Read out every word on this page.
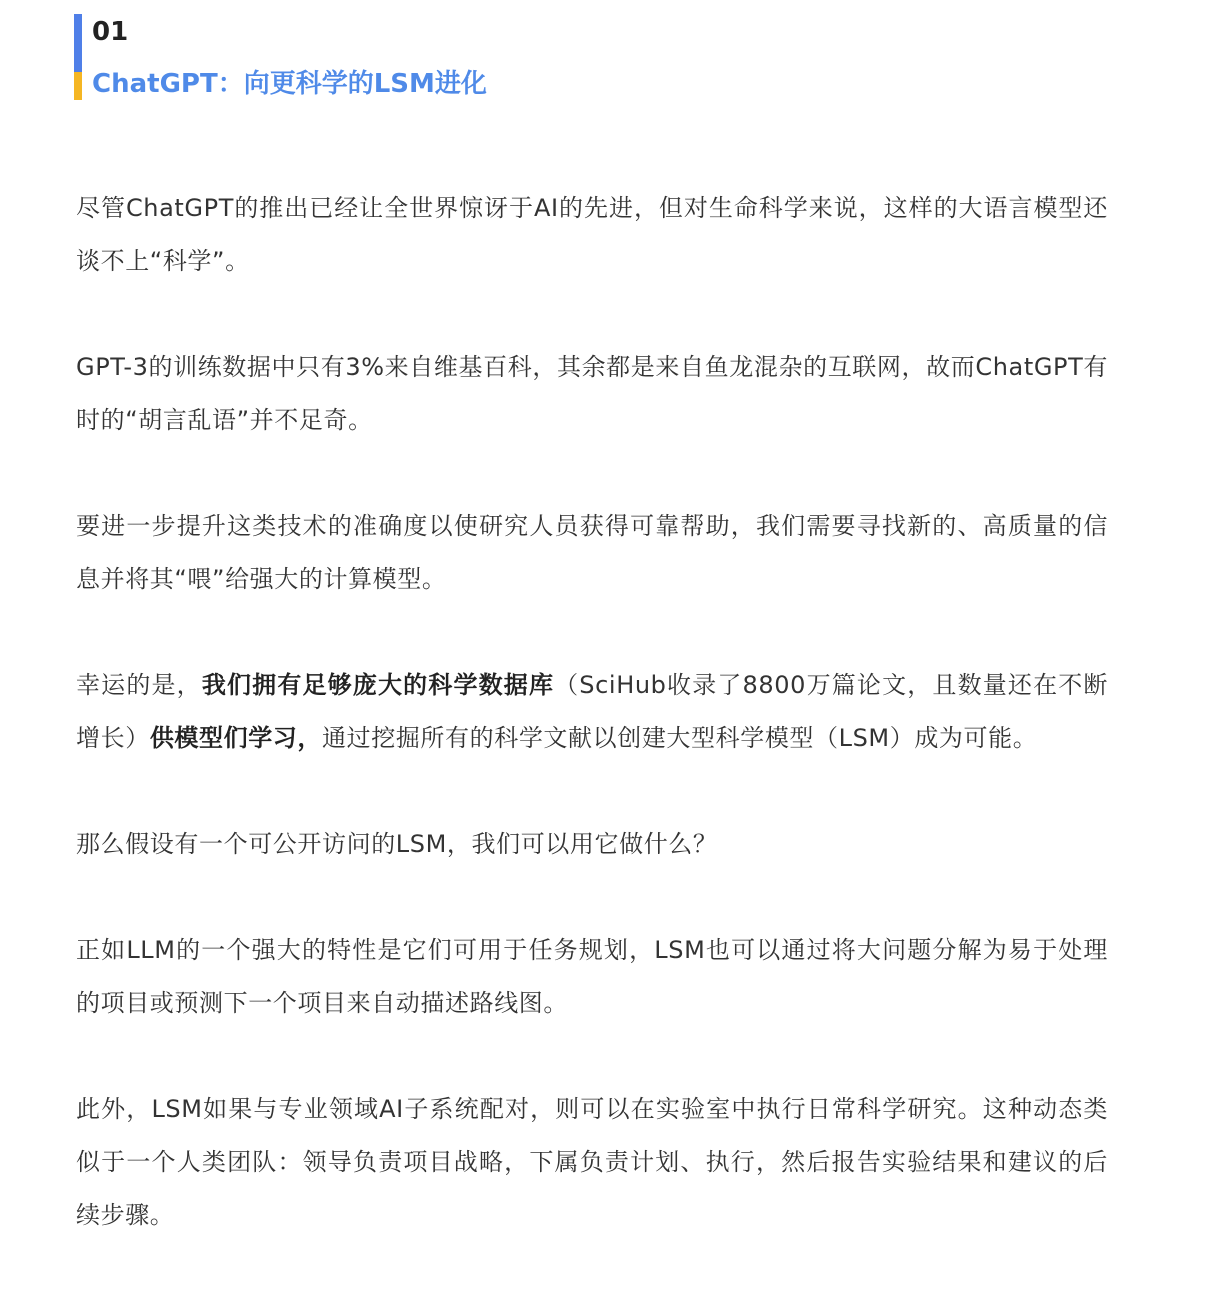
01
ChatGPT：向更科学的LSM进化

尽管ChatGPT的推出已经让全世界惊讶于AI的先进，但对生命科学来说，这样的大语言模型还谈不上“科学”。

GPT-3的训练数据中只有3%来自维基百科，其余都是来自鱼龙混杂的互联网，故而ChatGPT有时的“胡言乱语”并不足奇。

要进一步提升这类技术的准确度以使研究人员获得可靠帮助，我们需要寻找新的、高质量的信息并将其“喂”给强大的计算模型。

幸运的是，我们拥有足够庞大的科学数据库（SciHub收录了8800万篇论文，且数量还在不断增长）供模型们学习，通过挖掘所有的科学文献以创建大型科学模型（LSM）成为可能。

那么假设有一个可公开访问的LSM，我们可以用它做什么？

正如LLM的一个强大的特性是它们可用于任务规划，LSM也可以通过将大问题分解为易于处理的项目或预测下一个项目来自动描述路线图。

此外，LSM如果与专业领域AI子系统配对，则可以在实验室中执行日常科学研究。这种动态类似于一个人类团队：领导负责项目战略，下属负责计划、执行，然后报告实验结果和建议的后续步骤。
